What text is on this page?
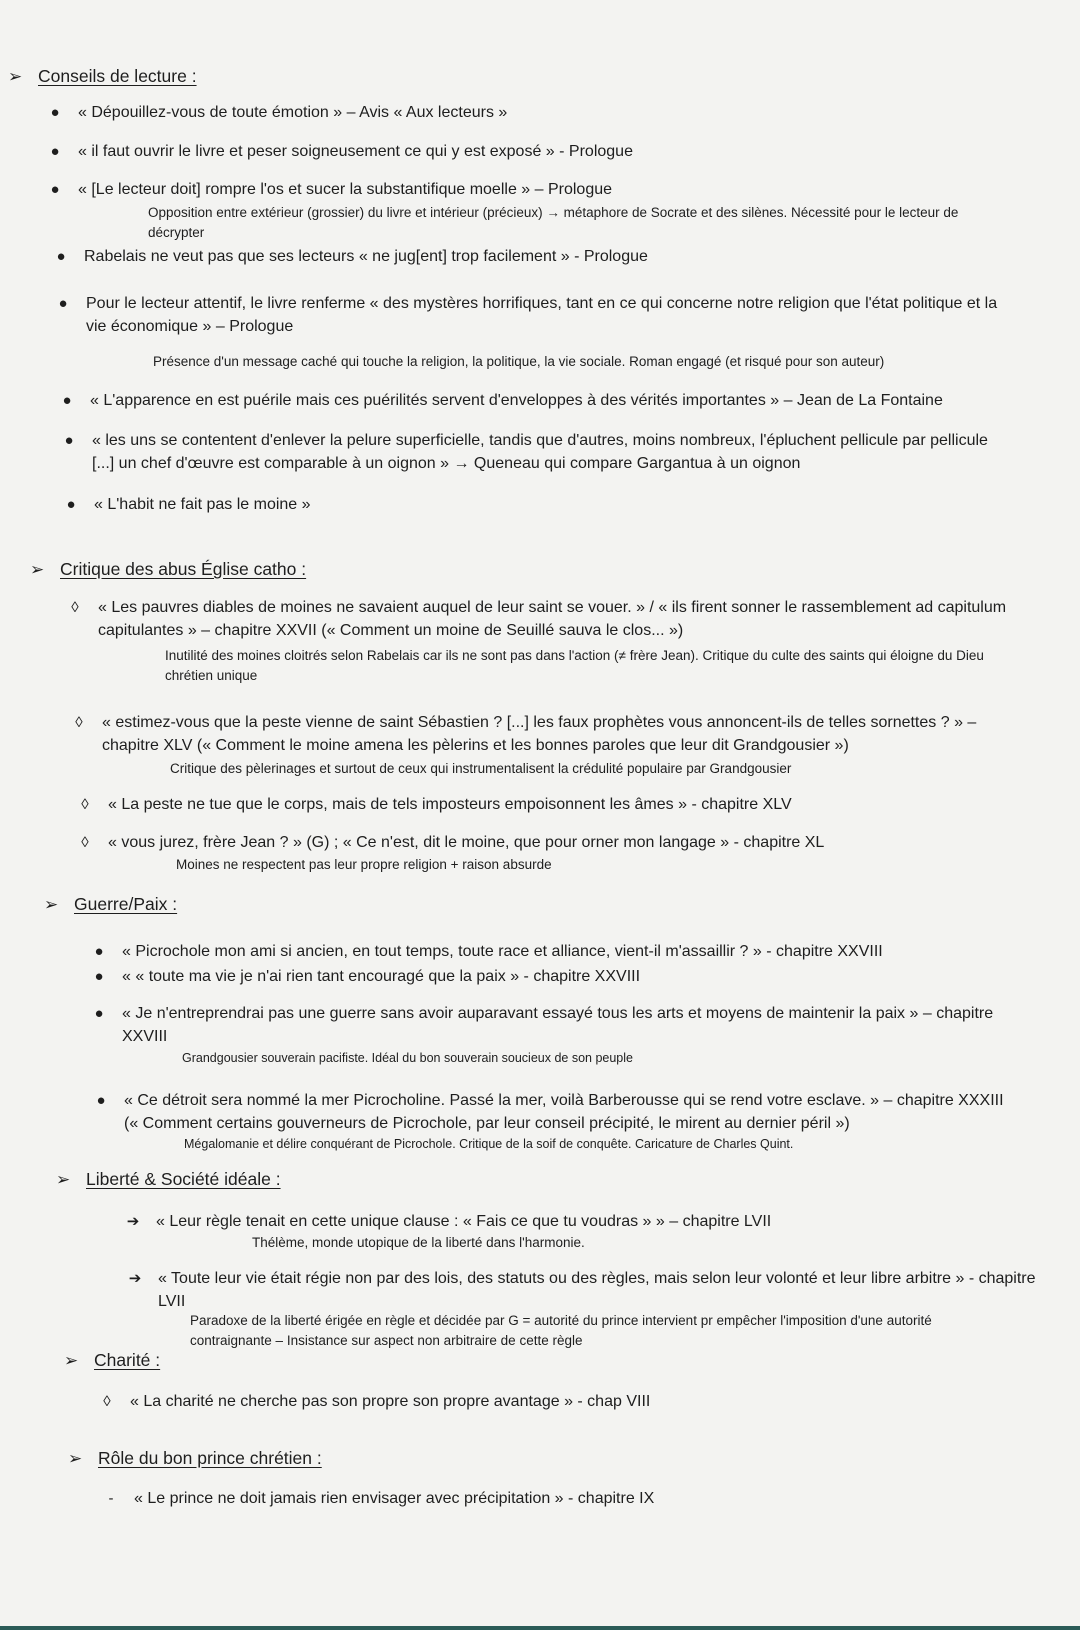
➢ Conseils de lecture :
●	« Dépouillez-vous de toute émotion » – Avis « Aux lecteurs »
●	« il faut ouvrir le livre et peser soigneusement ce qui y est exposé » - Prologue
●	« [Le lecteur doit] rompre l'os et sucer la substantifique moelle » – Prologue
Opposition entre extérieur (grossier) du livre et intérieur (précieux) → métaphore de Socrate et des silènes. Nécessité pour le lecteur de décrypter
●	Rabelais ne veut pas que ses lecteurs « ne jug[ent] trop facilement » - Prologue
●	Pour le lecteur attentif, le livre renferme « des mystères horrifiques, tant en ce qui concerne notre religion que l'état politique et la vie économique » – Prologue
Présence d'un message caché qui touche la religion, la politique, la vie sociale. Roman engagé (et risqué pour son auteur)
●	« L'apparence en est puérile mais ces puérilités servent d'enveloppes à des vérités importantes » – Jean de La Fontaine
●	« les uns se contentent d'enlever la pelure superficielle, tandis que d'autres, moins nombreux, l'épluchent pellicule par pellicule [...] un chef d'œuvre est comparable à un oignon » → Queneau qui compare Gargantua à un oignon
●	« L'habit ne fait pas le moine »
➢ Critique des abus Église catho :
◊	« Les pauvres diables de moines ne savaient auquel de leur saint se vouer. » / « ils firent sonner le rassemblement ad capitulum capitulantes » – chapitre XXVII (« Comment un moine de Seuillé sauva le clos... »)
Inutilité des moines cloitrés selon Rabelais car ils ne sont pas dans l'action (≠ frère Jean). Critique du culte des saints qui éloigne du Dieu chrétien unique
◊	« estimez-vous que la peste vienne de saint Sébastien ? [...] les faux prophètes vous annoncent-ils de telles sornettes ? » – chapitre XLV (« Comment le moine amena les pèlerins et les bonnes paroles que leur dit Grandgousier »)
Critique des pèlerinages et surtout de ceux qui instrumentalisent la crédulité populaire par Grandgousier
◊	« La peste ne tue que le corps, mais de tels imposteurs empoisonnent les âmes » - chapitre XLV
◊	« vous jurez, frère Jean ? » (G) ; « Ce n'est, dit le moine, que pour orner mon langage » - chapitre XL
Moines ne respectent pas leur propre religion + raison absurde
➢ Guerre/Paix :
●	« Picrochole mon ami si ancien, en tout temps, toute race et alliance, vient-il m'assaillir ? » - chapitre XXVIII
●	« « toute ma vie je n'ai rien tant encouragé que la paix » - chapitre XXVIII
●	« Je n'entreprendrai pas une guerre sans avoir auparavant essayé tous les arts et moyens de maintenir la paix » – chapitre XXVIII
Grandgousier souverain pacifiste. Idéal du bon souverain soucieux de son peuple
●	« Ce détroit sera nommé la mer Picrocholine. Passé la mer, voilà Barberousse qui se rend votre esclave. » – chapitre XXXIII (« Comment certains gouverneurs de Picrochole, par leur conseil précipité, le mirent au dernier péril »)
Mégalomanie et délire conquérant de Picrochole. Critique de la soif de conquête. Caricature de Charles Quint.
➢ Liberté & Société idéale :
➔	« Leur règle tenait en cette unique clause : « Fais ce que tu voudras » » – chapitre LVII
Thélème, monde utopique de la liberté dans l'harmonie.
➔	« Toute leur vie était régie non par des lois, des statuts ou des règles, mais selon leur volonté et leur libre arbitre » - chapitre LVII
Paradoxe de la liberté érigée en règle et décidée par G = autorité du prince intervient pr empêcher l'imposition d'une autorité contraignante – Insistance sur aspect non arbitraire de cette règle
➢ Charité :
◊	« La charité ne cherche pas son propre son propre avantage » - chap VIII
➢ Rôle du bon prince chrétien :
-	« Le prince ne doit jamais rien envisager avec précipitation » - chapitre IX
